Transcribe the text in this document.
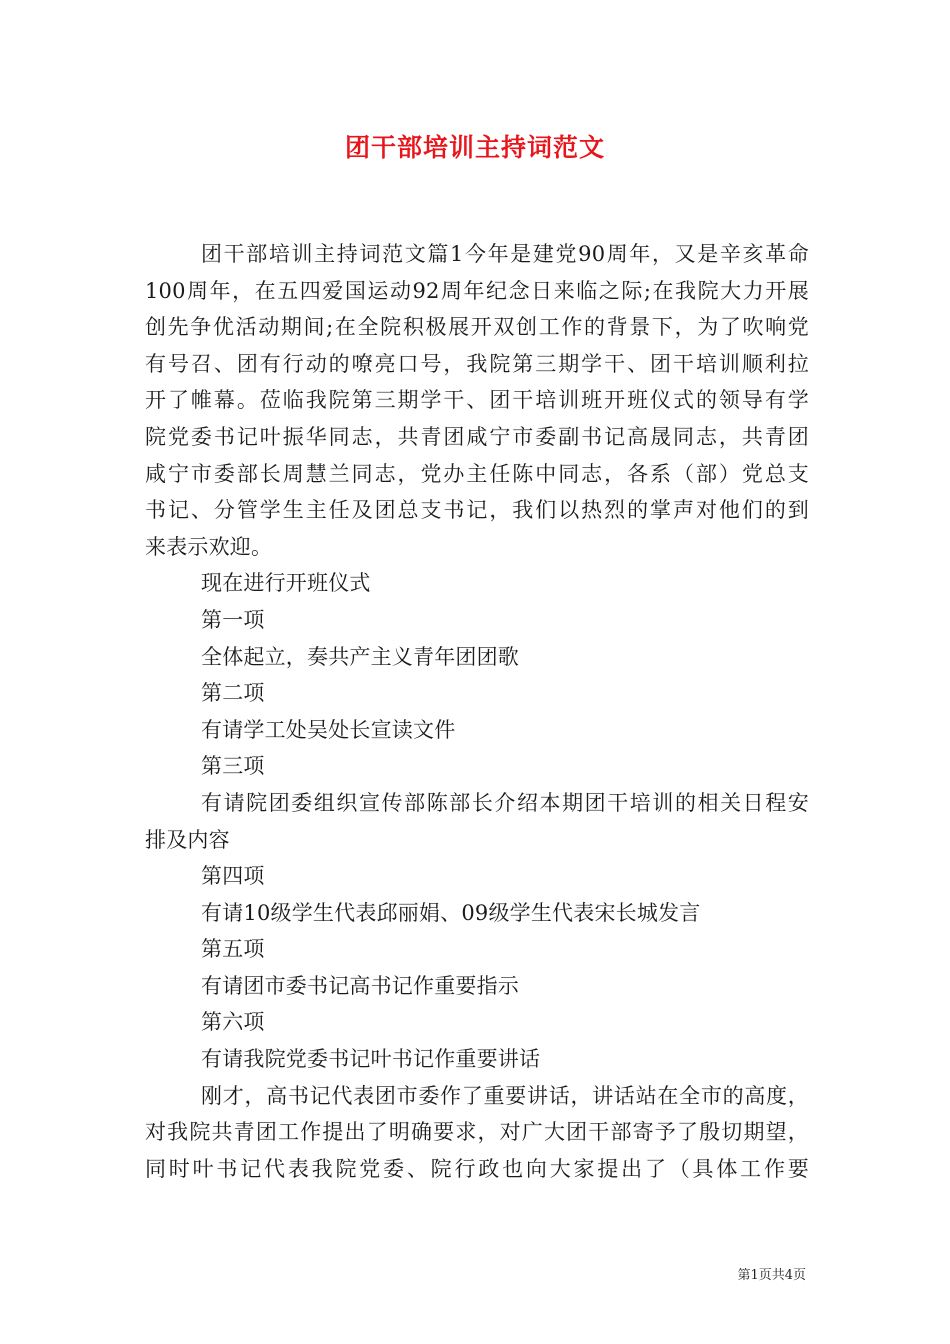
团干部培训主持词范文
团干部培训主持词范文篇1今年是建党90周年，又是辛亥革命
100周年，在五四爱国运动92周年纪念日来临之际;在我院大力开展
创先争优活动期间;在全院积极展开双创工作的背景下，为了吹响党
有号召、团有行动的嘹亮口号，我院第三期学干、团干培训顺利拉
开了帷幕。莅临我院第三期学干、团干培训班开班仪式的领导有学
院党委书记叶振华同志，共青团咸宁市委副书记高晟同志，共青团
咸宁市委部长周慧兰同志，党办主任陈中同志，各系（部）党总支
书记、分管学生主任及团总支书记，我们以热烈的掌声对他们的到
来表示欢迎。
现在进行开班仪式
第一项
全体起立，奏共产主义青年团团歌
第二项
有请学工处吴处长宣读文件
第三项
有请院团委组织宣传部陈部长介绍本期团干培训的相关日程安
排及内容
第四项
有请10级学生代表邱丽娟、09级学生代表宋长城发言
第五项
有请团市委书记高书记作重要指示
第六项
有请我院党委书记叶书记作重要讲话
刚才，高书记代表团市委作了重要讲话，讲话站在全市的高度，
对我院共青团工作提出了明确要求，对广大团干部寄予了殷切期望，
同时叶书记代表我院党委、院行政也向大家提出了（具体工作要
第1页共4页
